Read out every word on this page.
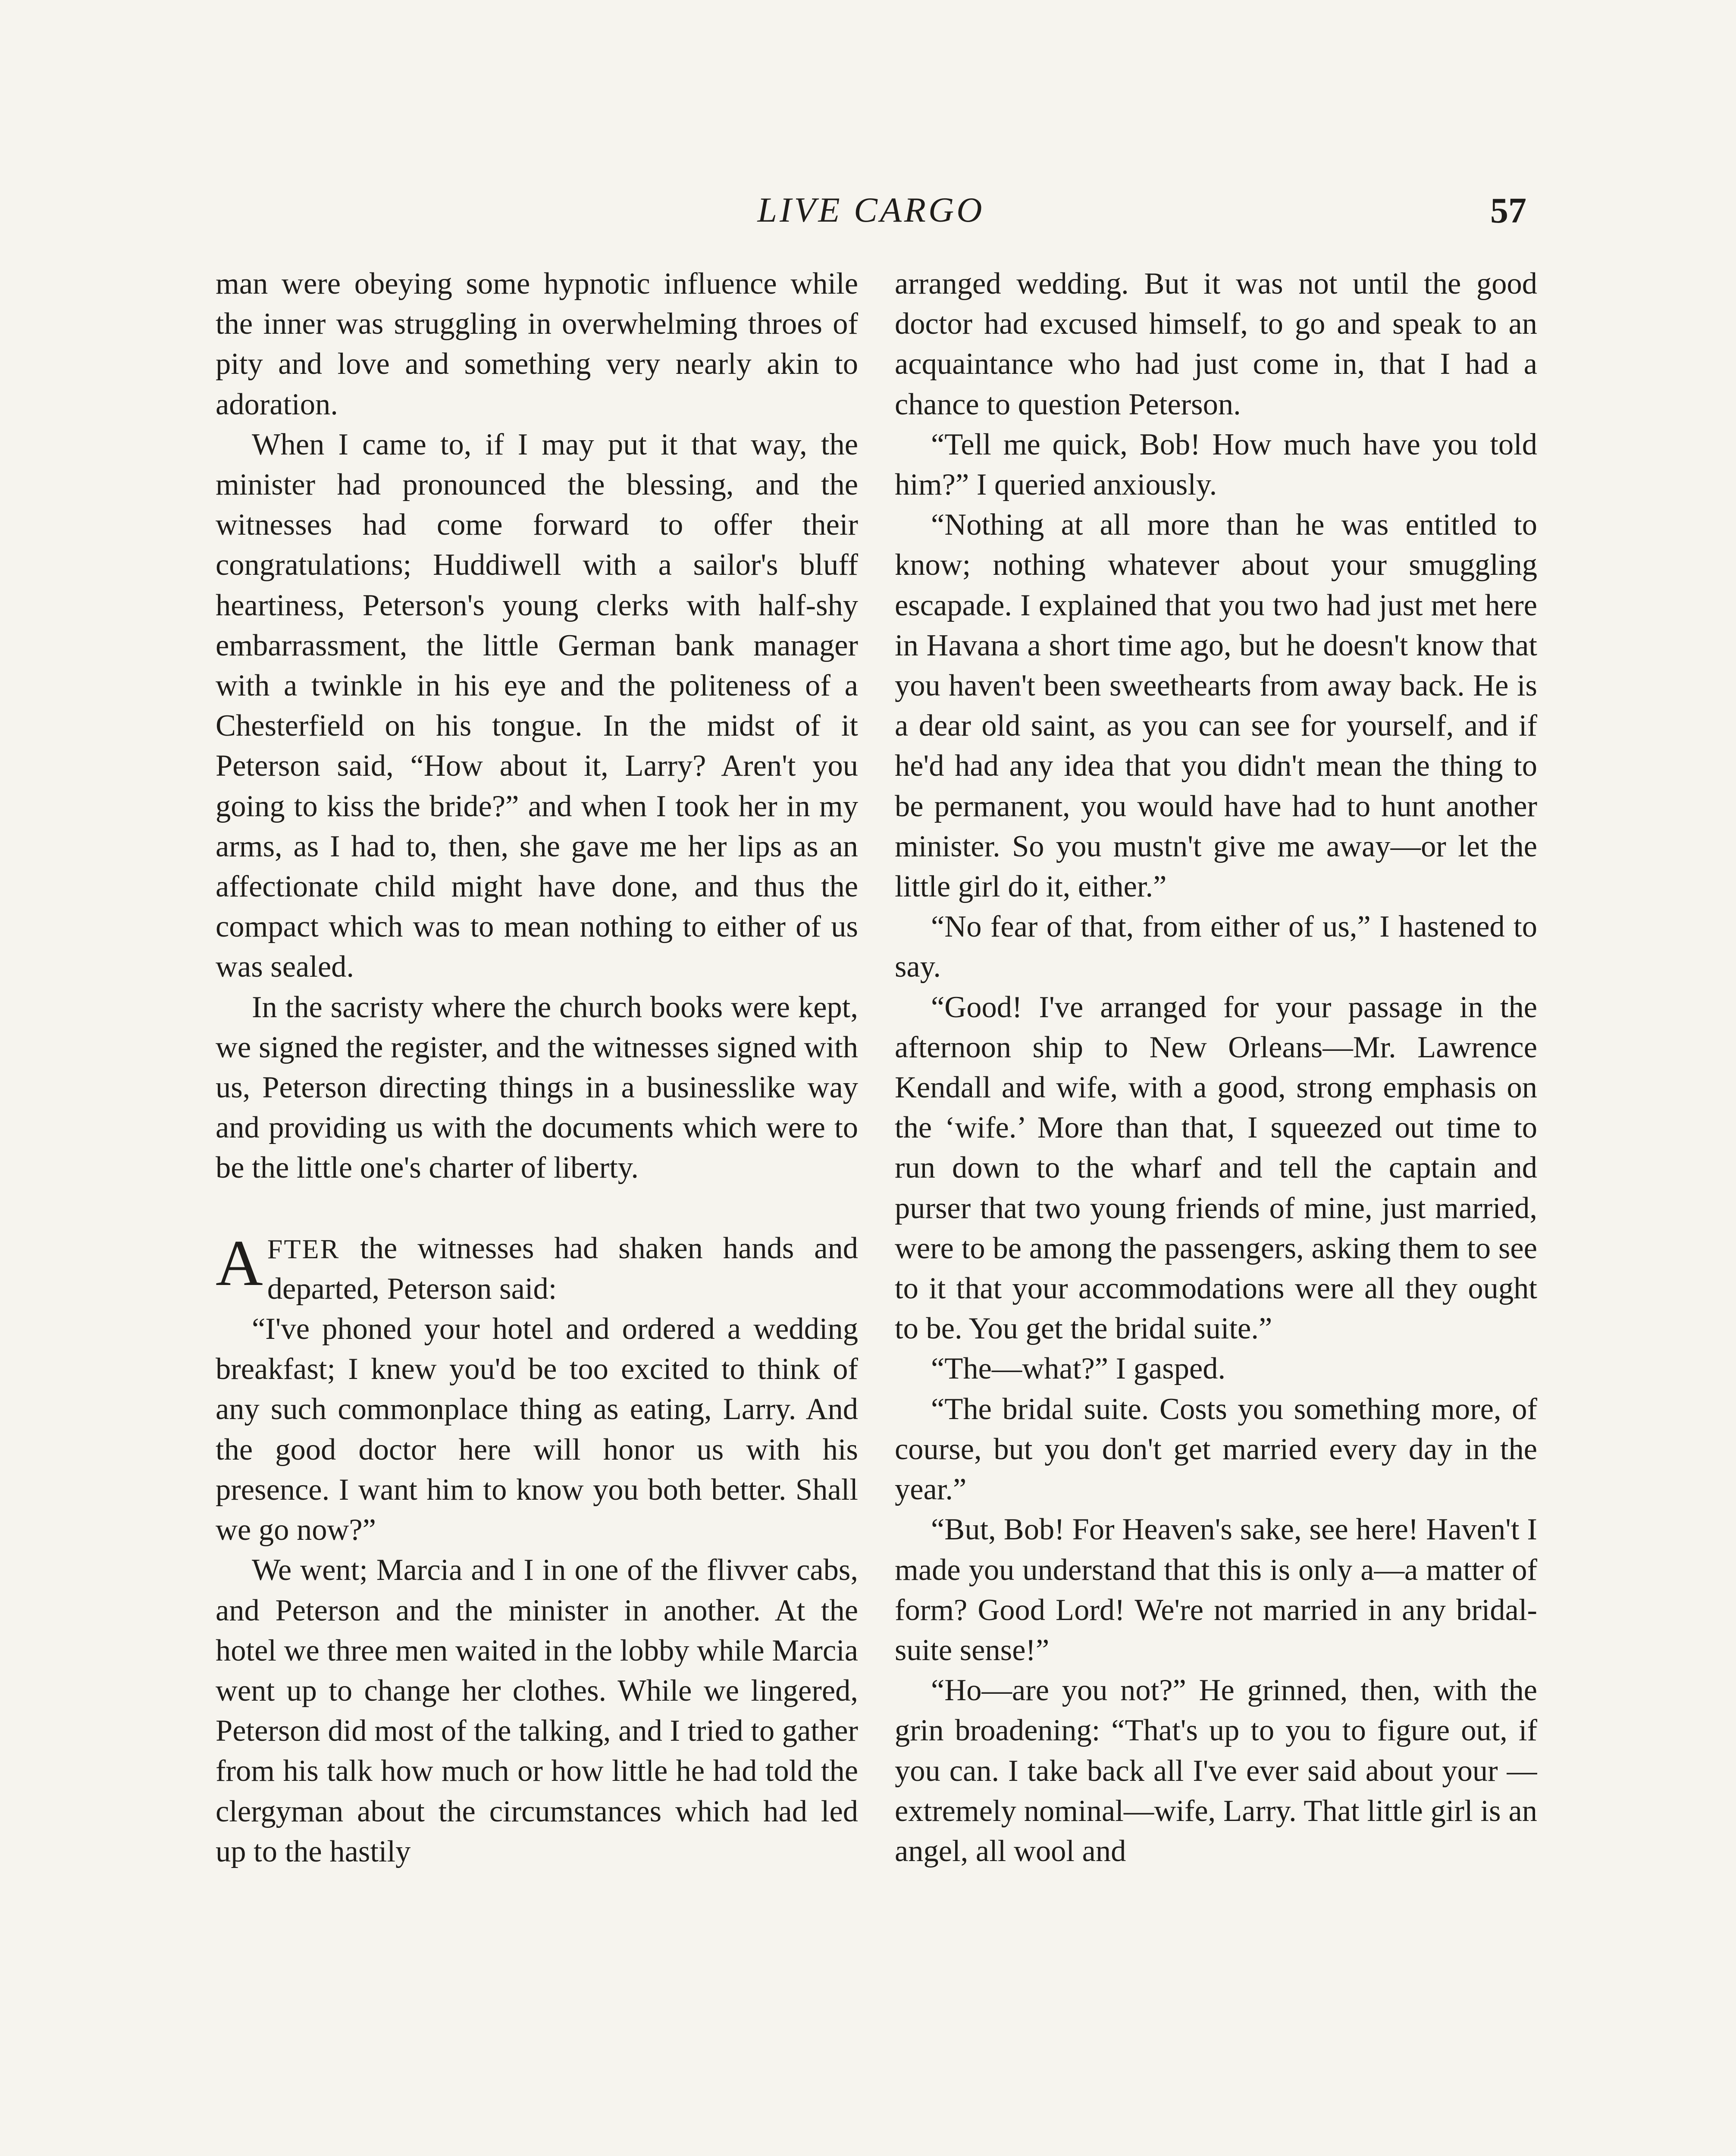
LIVE CARGO	57

man were obeying some hypnotic influence while the inner was struggling in overwhelming throes of pity and love and something very nearly akin to adoration.

When I came to, if I may put it that way, the minister had pronounced the blessing, and the witnesses had come forward to offer their congratulations; Huddiwell with a sailor's bluff heartiness, Peterson's young clerks with half-shy embarrassment, the little German bank manager with a twinkle in his eye and the politeness of a Chesterfield on his tongue. In the midst of it Peterson said, “How about it, Larry? Aren't you going to kiss the bride?” and when I took her in my arms, as I had to, then, she gave me her lips as an affectionate child might have done, and thus the compact which was to mean nothing to either of us was sealed.

In the sacristy where the church books were kept, we signed the register, and the witnesses signed with us, Peterson directing things in a businesslike way and providing us with the documents which were to be the little one's charter of liberty.

AFTER the witnesses had shaken hands and departed, Peterson said:

“I've phoned your hotel and ordered a wedding breakfast; I knew you'd be too excited to think of any such commonplace thing as eating, Larry. And the good doctor here will honor us with his presence. I want him to know you both better. Shall we go now?”

We went; Marcia and I in one of the flivver cabs, and Peterson and the minister in another. At the hotel we three men waited in the lobby while Marcia went up to change her clothes. While we lingered, Peterson did most of the talking, and I tried to gather from his talk how much or how little he had told the clergyman about the circumstances which had led up to the hastily

arranged wedding. But it was not until the good doctor had excused himself, to go and speak to an acquaintance who had just come in, that I had a chance to question Peterson.

“Tell me quick, Bob! How much have you told him?” I queried anxiously.

“Nothing at all more than he was entitled to know; nothing whatever about your smuggling escapade. I explained that you two had just met here in Havana a short time ago, but he doesn't know that you haven't been sweethearts from away back. He is a dear old saint, as you can see for yourself, and if he'd had any idea that you didn't mean the thing to be permanent, you would have had to hunt another minister. So you mustn't give me away—or let the little girl do it, either.”

“No fear of that, from either of us,” I hastened to say.

“Good! I've arranged for your passage in the afternoon ship to New Orleans—Mr. Lawrence Kendall and wife, with a good, strong emphasis on the ‘wife.’ More than that, I squeezed out time to run down to the wharf and tell the captain and purser that two young friends of mine, just married, were to be among the passengers, asking them to see to it that your accommodations were all they ought to be. You get the bridal suite.”

“The—what?” I gasped.

“The bridal suite. Costs you something more, of course, but you don't get married every day in the year.”

“But, Bob! For Heaven's sake, see here! Haven't I made you understand that this is only a—a matter of form? Good Lord! We're not married in any bridal-suite sense!”

“Ho—are you not?” He grinned, then, with the grin broadening: “That's up to you to figure out, if you can. I take back all I've ever said about your —extremely nominal—wife, Larry. That little girl is an angel, all wool and
